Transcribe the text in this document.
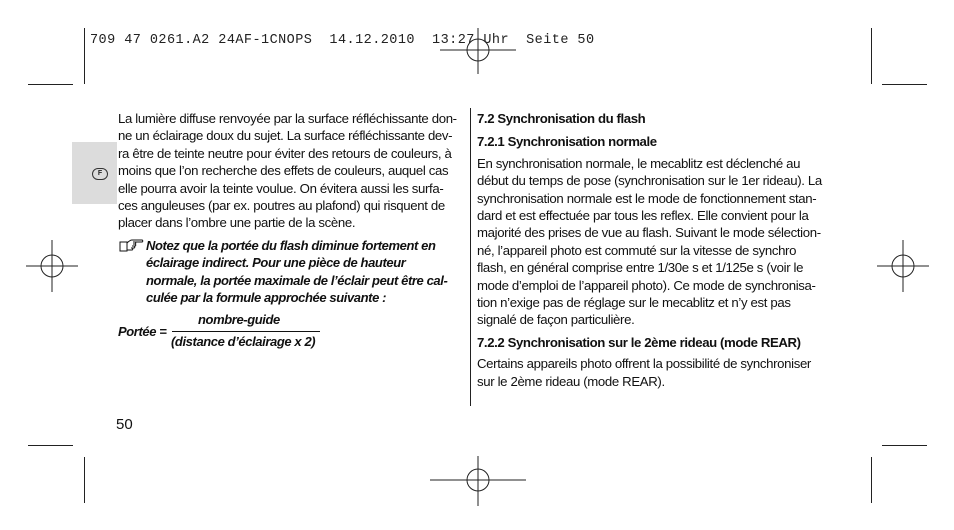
709 47 0261.A2 24AF-1CNOPS  14.12.2010  13:27 Uhr  Seite 50
F

La lumière diffuse renvoyée par la surface réfléchissante don-

ne un éclairage doux du sujet. La surface réfléchissante dev-

ra être de teinte neutre pour éviter des retours de couleurs, à

moins que l’on recherche des effets de couleurs, auquel cas

elle pourra avoir la teinte voulue. On évitera aussi les surfa-

ces anguleuses (par ex. poutres au plafond) qui risquent de

placer dans l’ombre une partie de la scène.

Notez que la portée du flash diminue fortement en
éclairage indirect. Pour une pièce de hauteur
normale, la portée maximale de l’éclair peut être cal-
culée par la formule approchée suivante :
Portée =
nombre-guide
(distance d’éclairage x 2)

7.2 Synchronisation du flash

7.2.1 Synchronisation normale

En synchronisation normale, le mecablitz est déclenché au

début du temps de pose (synchronisation sur le 1er rideau). La

synchronisation normale est le mode de fonctionnement stan-

dard et est effectuée par tous les reflex. Elle convient pour la

majorité des prises de vue au flash. Suivant le mode sélection-

né, l’appareil photo est commuté sur la vitesse de synchro

flash, en général comprise entre 1/30e s et 1/125e s (voir le

mode d’emploi de l’appareil photo). Ce mode de synchronisa-

tion n’exige pas de réglage sur le mecablitz et n’y est pas

signalé de façon particulière.

7.2.2 Synchronisation sur le 2ème rideau (mode REAR)

Certains appareils photo offrent la possibilité de synchroniser

sur le 2ème rideau (mode REAR).

50
